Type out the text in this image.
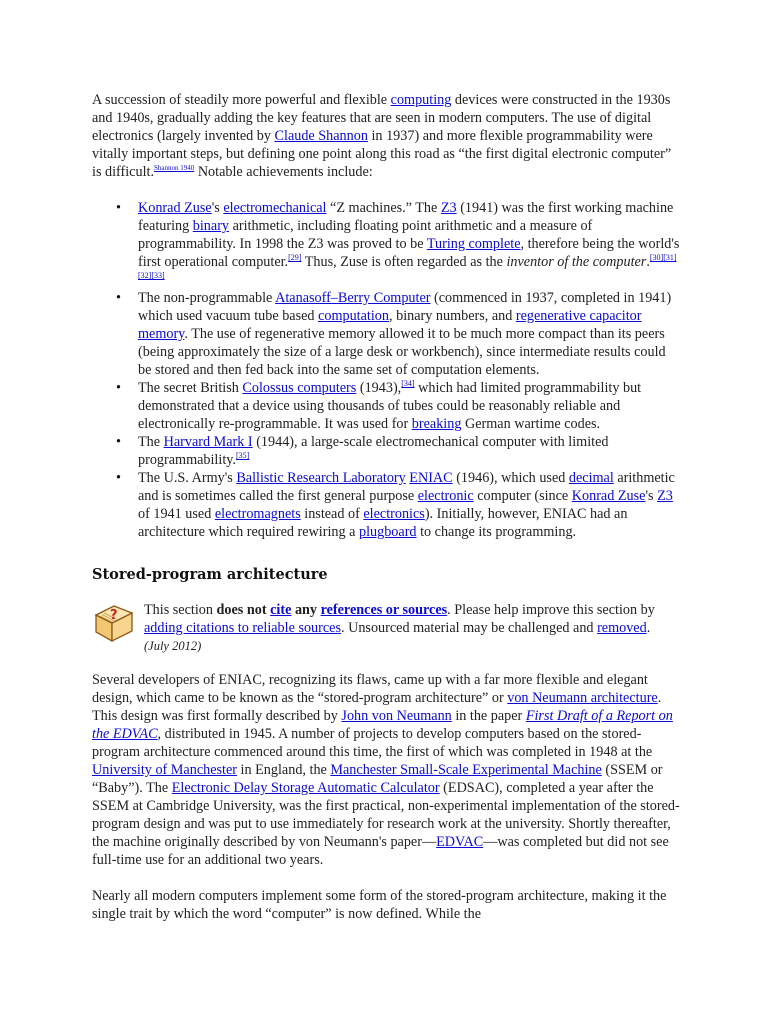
A succession of steadily more powerful and flexible computing devices were constructed in the 1930s and 1940s, gradually adding the key features that are seen in modern computers. The use of digital electronics (largely invented by Claude Shannon in 1937) and more flexible programmability were vitally important steps, but defining one point along this road as “the first digital electronic computer” is difficult.$^{Shannon 1940}$ Notable achievements include:

• Konrad Zuse's electromechanical “Z machines.” The Z3 (1941) was the first working machine featuring binary arithmetic, including floating point arithmetic and a measure of programmability. In 1998 the Z3 was proved to be Turing complete, therefore being the world's first operational computer.[29] Thus, Zuse is often regarded as the inventor of the computer.[30][31][32][33]
• The non-programmable Atanasoff–Berry Computer (commenced in 1937, completed in 1941) which used vacuum tube based computation, binary numbers, and regenerative capacitor memory. The use of regenerative memory allowed it to be much more compact than its peers (being approximately the size of a large desk or workbench), since intermediate results could be stored and then fed back into the same set of computation elements.
• The secret British Colossus computers (1943),[34] which had limited programmability but demonstrated that a device using thousands of tubes could be reasonably reliable and electronically re-programmable. It was used for breaking German wartime codes.
• The Harvard Mark I (1944), a large-scale electromechanical computer with limited programmability.[35]
• The U.S. Army's Ballistic Research Laboratory ENIAC (1946), which used decimal arithmetic and is sometimes called the first general purpose electronic computer (since Konrad Zuse's Z3 of 1941 used electromagnets instead of electronics). Initially, however, ENIAC had an architecture which required rewiring a plugboard to change its programming.
Stored-program architecture
? This section does not cite any references or sources. Please help improve this section by adding citations to reliable sources. Unsourced material may be challenged and removed. (July 2012)

Several developers of ENIAC, recognizing its flaws, came up with a far more flexible and elegant design, which came to be known as the “stored-program architecture” or von Neumann architecture. This design was first formally described by John von Neumann in the paper First Draft of a Report on the EDVAC, distributed in 1945. A number of projects to develop computers based on the stored-program architecture commenced around this time, the first of which was completed in 1948 at the University of Manchester in England, the Manchester Small-Scale Experimental Machine (SSEM or “Baby”). The Electronic Delay Storage Automatic Calculator (EDSAC), completed a year after the SSEM at Cambridge University, was the first practical, non-experimental implementation of the stored-program design and was put to use immediately for research work at the university. Shortly thereafter, the machine originally described by von Neumann's paper—EDVAC—was completed but did not see full-time use for an additional two years.

Nearly all modern computers implement some form of the stored-program architecture, making it the single trait by which the word “computer” is now defined. While the
